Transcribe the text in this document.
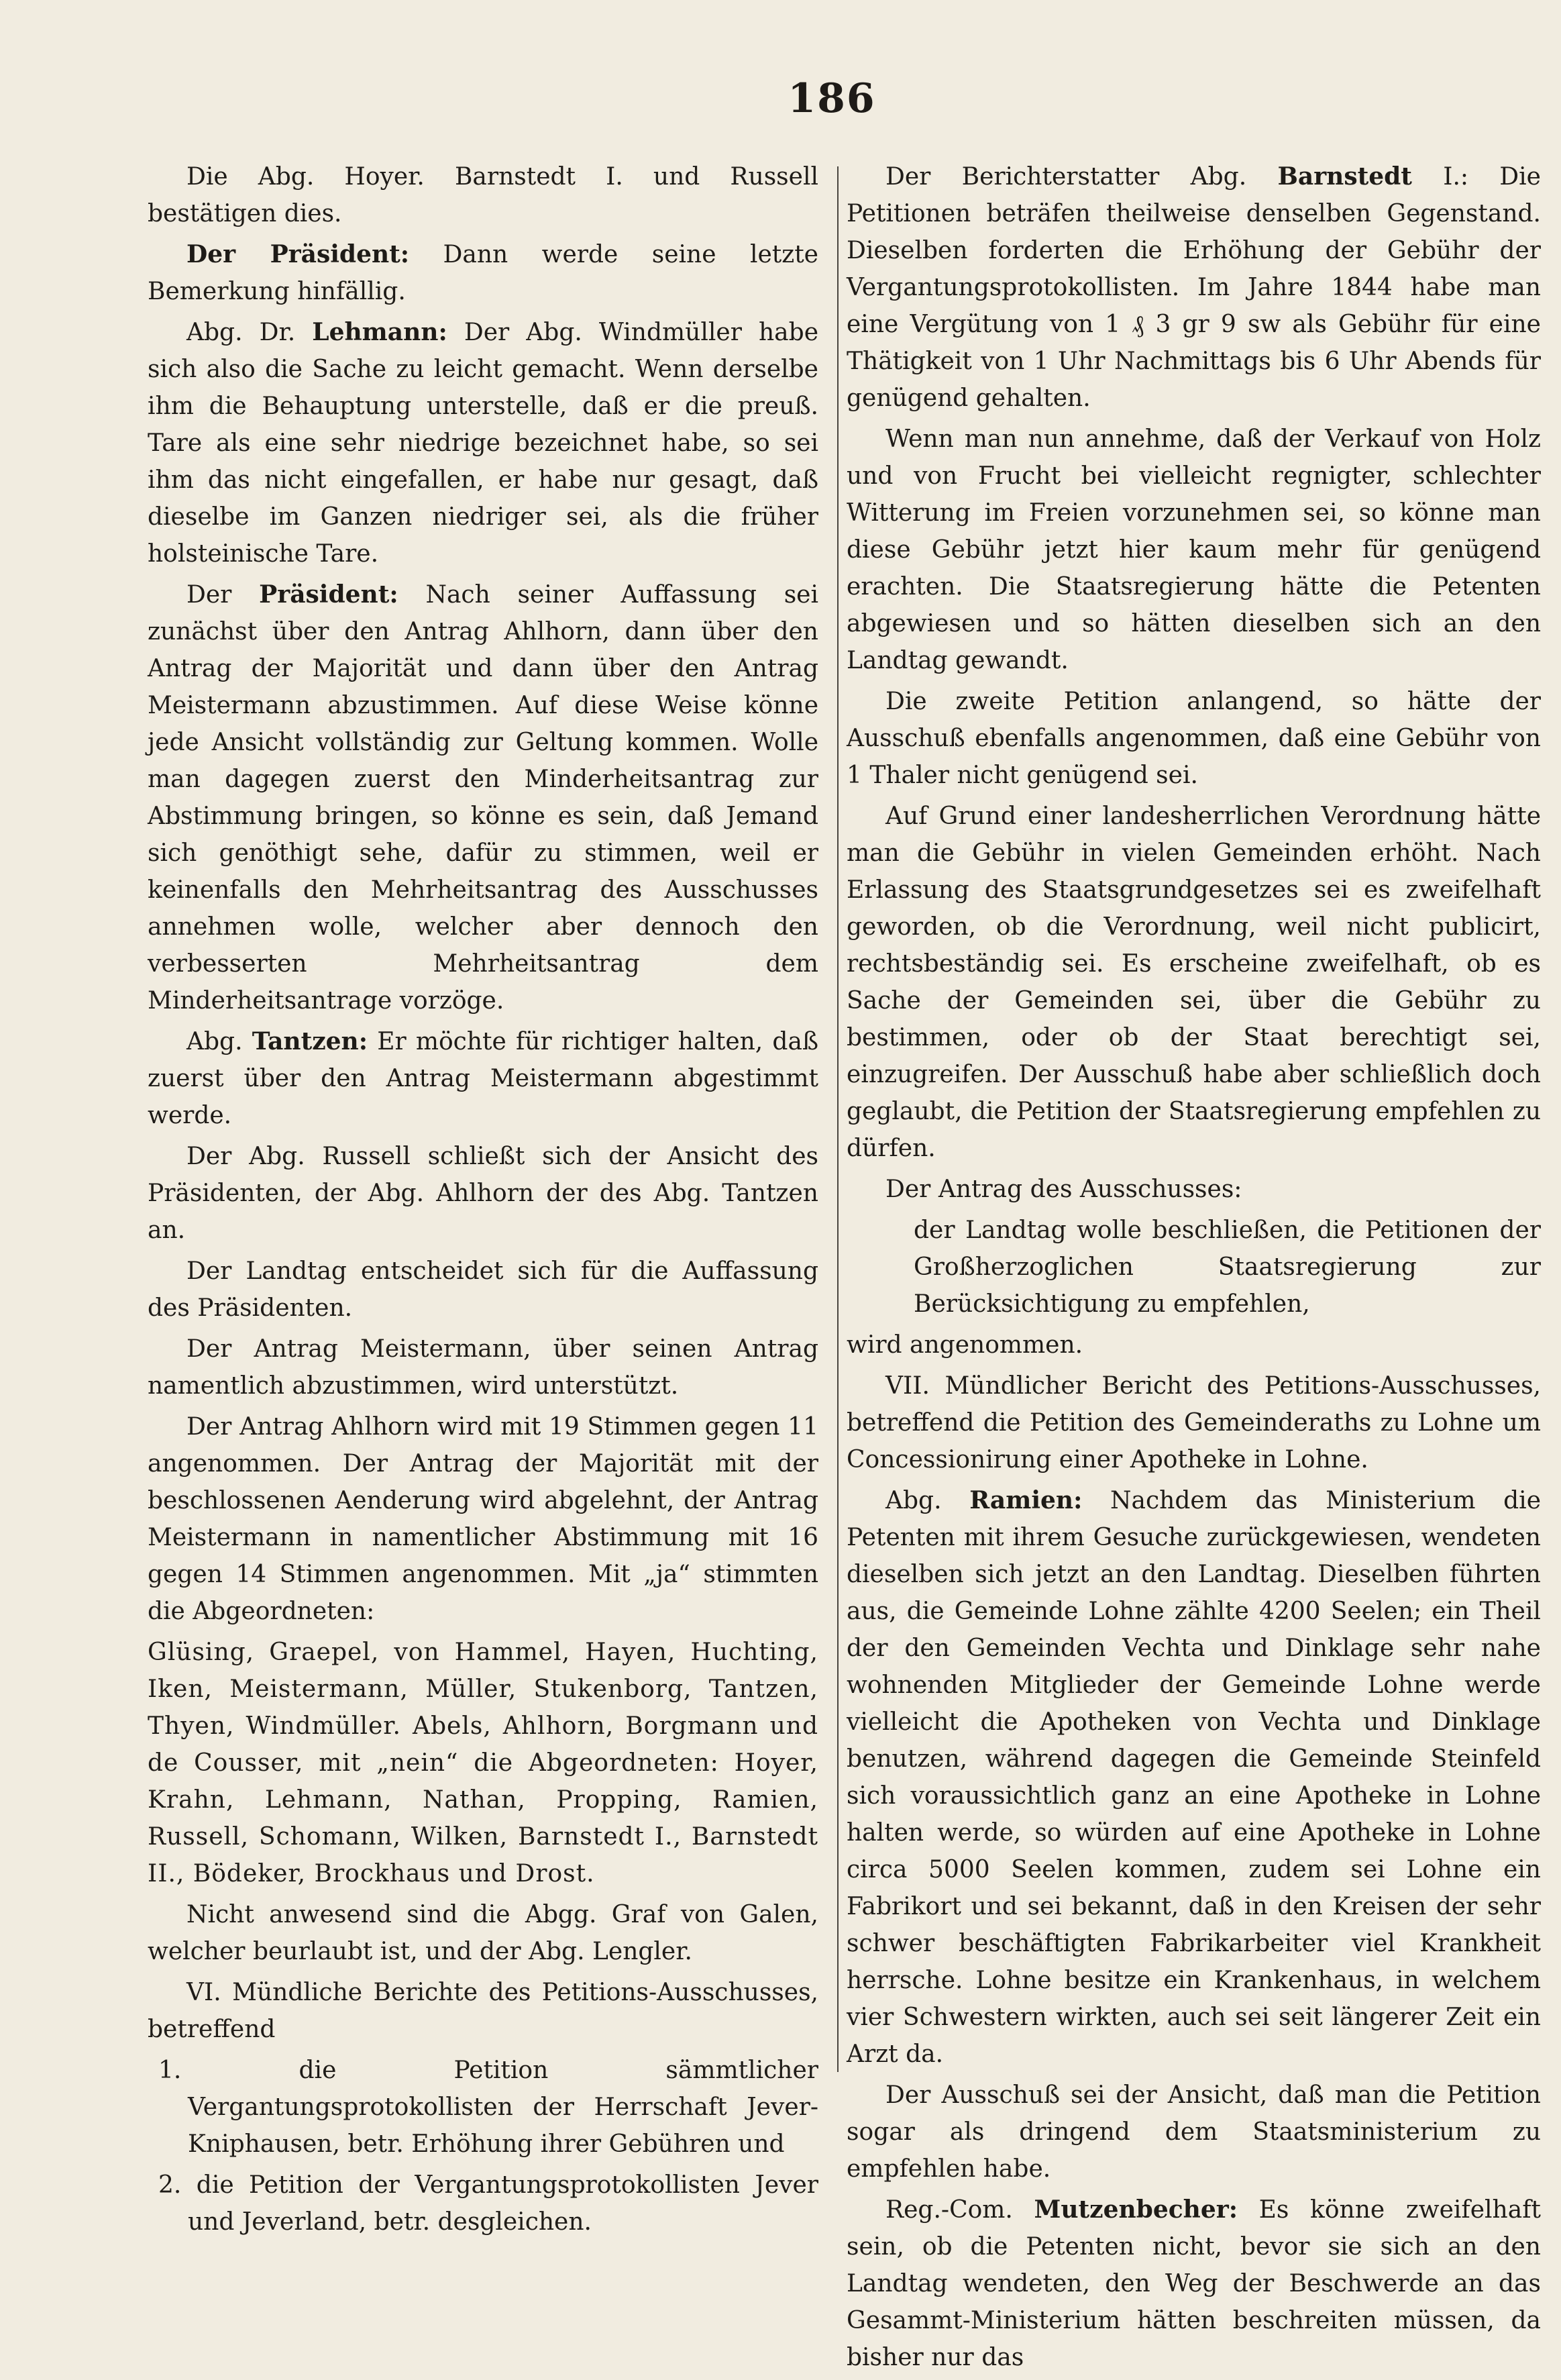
186

Die Abg. Hoyer. Barnstedt I. und Russell bestätigen dies.

Der Präsident: Dann werde seine letzte Bemerkung hinfällig.

Abg. Dr. Lehmann: Der Abg. Windmüller habe sich also die Sache zu leicht gemacht. Wenn derselbe ihm die Behauptung unterstelle, daß er die preuß. Tare als eine sehr niedrige bezeichnet habe, so sei ihm das nicht eingefallen, er habe nur gesagt, daß dieselbe im Ganzen niedriger sei, als die früher holsteinische Tare.

Der Präsident: Nach seiner Auffassung sei zunächst über den Antrag Ahlhorn, dann über den Antrag der Majorität und dann über den Antrag Meistermann abzustimmen. Auf diese Weise könne jede Ansicht vollständig zur Geltung kommen. Wolle man dagegen zuerst den Minderheitsantrag zur Abstimmung bringen, so könne es sein, daß Jemand sich genöthigt sehe, dafür zu stimmen, weil er keinenfalls den Mehrheitsantrag des Ausschusses annehmen wolle, welcher aber dennoch den verbesserten Mehrheitsantrag dem Minderheitsantrage vorzöge.

Abg. Tantzen: Er möchte für richtiger halten, daß zuerst über den Antrag Meistermann abgestimmt werde.

Der Abg. Russell schließt sich der Ansicht des Präsidenten, der Abg. Ahlhorn der des Abg. Tantzen an.

Der Landtag entscheidet sich für die Auffassung des Präsidenten.

Der Antrag Meistermann, über seinen Antrag namentlich abzustimmen, wird unterstützt.

Der Antrag Ahlhorn wird mit 19 Stimmen gegen 11 angenommen. Der Antrag der Majorität mit der beschlossenen Aenderung wird abgelehnt, der Antrag Meistermann in namentlicher Abstimmung mit 16 gegen 14 Stimmen angenommen. Mit „ja“ stimmten die Abgeordneten:

Glüsing, Graepel, von Hammel, Hayen, Huchting, Iken, Meistermann, Müller, Stukenborg, Tantzen, Thyen, Windmüller. Abels, Ahlhorn, Borgmann und de Cousser, mit „nein“ die Abgeordneten: Hoyer, Krahn, Lehmann, Nathan, Propping, Ramien, Russell, Schomann, Wilken, Barnstedt I., Barnstedt II., Bödeker, Brockhaus und Drost.

Nicht anwesend sind die Abgg. Graf von Galen, welcher beurlaubt ist, und der Abg. Lengler.

VI. Mündliche Berichte des Petitions-Ausschusses, betreffend

1. die Petition sämmtlicher Vergantungsprotokollisten der Herrschaft Jever-Kniphausen, betr. Erhöhung ihrer Gebühren und

2. die Petition der Vergantungsprotokollisten Jever und Jeverland, betr. desgleichen.

Der Berichterstatter Abg. Barnstedt I.: Die Petitionen beträfen theilweise denselben Gegenstand. Dieselben forderten die Erhöhung der Gebühr der Vergantungsprotokollisten. Im Jahre 1844 habe man eine Vergütung von 1 ₰ 3 gr 9 sw als Gebühr für eine Thätigkeit von 1 Uhr Nachmittags bis 6 Uhr Abends für genügend gehalten.

Wenn man nun annehme, daß der Verkauf von Holz und von Frucht bei vielleicht regnigter, schlechter Witterung im Freien vorzunehmen sei, so könne man diese Gebühr jetzt hier kaum mehr für genügend erachten. Die Staatsregierung hätte die Petenten abgewiesen und so hätten dieselben sich an den Landtag gewandt.

Die zweite Petition anlangend, so hätte der Ausschuß ebenfalls angenommen, daß eine Gebühr von 1 Thaler nicht genügend sei.

Auf Grund einer landesherrlichen Verordnung hätte man die Gebühr in vielen Gemeinden erhöht. Nach Erlassung des Staatsgrundgesetzes sei es zweifelhaft geworden, ob die Verordnung, weil nicht publicirt, rechtsbeständig sei. Es erscheine zweifelhaft, ob es Sache der Gemeinden sei, über die Gebühr zu bestimmen, oder ob der Staat berechtigt sei, einzugreifen. Der Ausschuß habe aber schließlich doch geglaubt, die Petition der Staatsregierung empfehlen zu dürfen.

Der Antrag des Ausschusses:

der Landtag wolle beschließen, die Petitionen der Großherzoglichen Staatsregierung zur Berücksichtigung zu empfehlen,

wird angenommen.

VII. Mündlicher Bericht des Petitions-Ausschusses, betreffend die Petition des Gemeinderaths zu Lohne um Concessionirung einer Apotheke in Lohne.

Abg. Ramien: Nachdem das Ministerium die Petenten mit ihrem Gesuche zurückgewiesen, wendeten dieselben sich jetzt an den Landtag. Dieselben führten aus, die Gemeinde Lohne zählte 4200 Seelen; ein Theil der den Gemeinden Vechta und Dinklage sehr nahe wohnenden Mitglieder der Gemeinde Lohne werde vielleicht die Apotheken von Vechta und Dinklage benutzen, während dagegen die Gemeinde Steinfeld sich voraussichtlich ganz an eine Apotheke in Lohne halten werde, so würden auf eine Apotheke in Lohne circa 5000 Seelen kommen, zudem sei Lohne ein Fabrikort und sei bekannt, daß in den Kreisen der sehr schwer beschäftigten Fabrikarbeiter viel Krankheit herrsche. Lohne besitze ein Krankenhaus, in welchem vier Schwestern wirkten, auch sei seit längerer Zeit ein Arzt da.

Der Ausschuß sei der Ansicht, daß man die Petition sogar als dringend dem Staatsministerium zu empfehlen habe.

Reg.-Com. Mutzenbecher: Es könne zweifelhaft sein, ob die Petenten nicht, bevor sie sich an den Landtag wendeten, den Weg der Beschwerde an das Gesammt-Ministerium hätten beschreiten müssen, da bisher nur das
